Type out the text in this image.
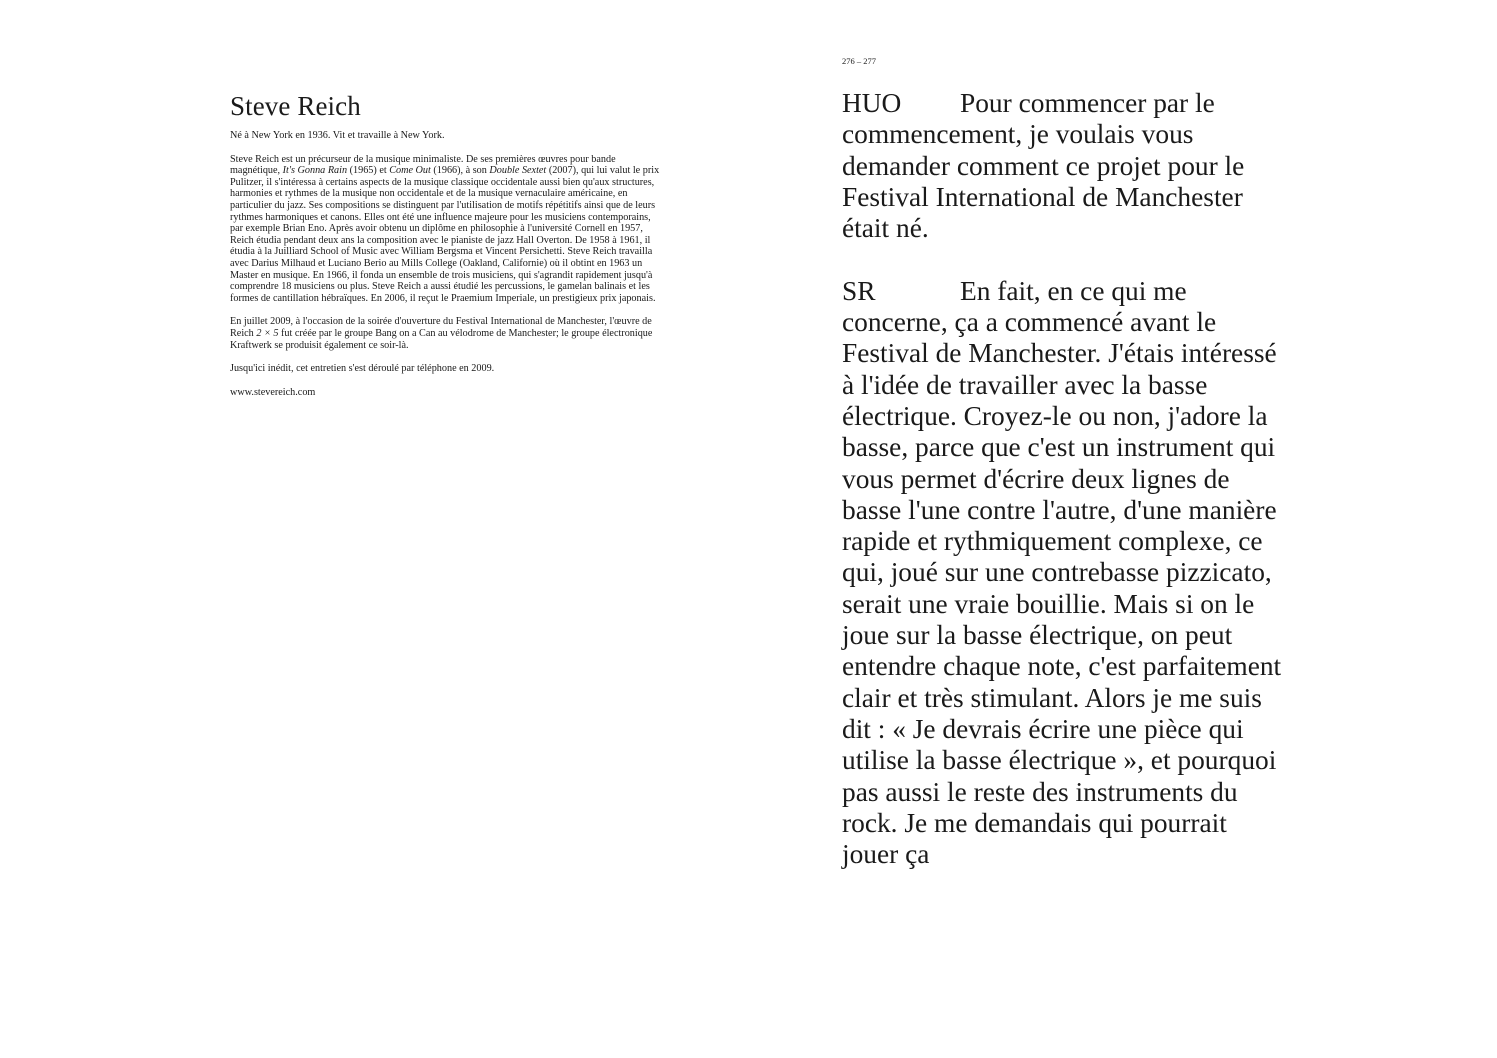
Steve Reich

Né à New York en 1936. Vit et travaille à New York.

Steve Reich est un précurseur de la musique minimaliste. De ses premières œuvres pour bande magnétique, It's Gonna Rain (1965) et Come Out (1966), à son Double Sextet (2007), qui lui valut le prix Pulitzer, il s'intéressa à certains aspects de la musique classique occidentale aussi bien qu'aux structures, harmonies et rythmes de la musique non occidentale et de la musique vernaculaire américaine, en particulier du jazz. Ses compositions se distinguent par l'utilisation de motifs répétitifs ainsi que de leurs rythmes harmoniques et canons. Elles ont été une influence majeure pour les musiciens contemporains, par exemple Brian Eno. Après avoir obtenu un diplôme en philosophie à l'université Cornell en 1957, Reich étudia pendant deux ans la composition avec le pianiste de jazz Hall Overton. De 1958 à 1961, il étudia à la Juilliard School of Music avec William Bergsma et Vincent Persichetti. Steve Reich travailla avec Darius Milhaud et Luciano Berio au Mills College (Oakland, Californie) où il obtint en 1963 un Master en musique. En 1966, il fonda un ensemble de trois musiciens, qui s'agrandit rapidement jusqu'à comprendre 18 musiciens ou plus. Steve Reich a aussi étudié les percussions, le gamelan balinais et les formes de cantillation hébraïques. En 2006, il reçut le Praemium Imperiale, un prestigieux prix japonais.

En juillet 2009, à l'occasion de la soirée d'ouverture du Festival International de Manchester, l'œuvre de Reich 2 × 5 fut créée par le groupe Bang on a Can au vélodrome de Manchester; le groupe électronique Kraftwerk se produisit également ce soir-là.

Jusqu'ici inédit, cet entretien s'est déroulé par téléphone en 2009.

www.stevereich.com

276 – 277

HUO Pour commencer par le commencement, je voulais vous demander comment ce projet pour le Festival International de Manchester était né.

SR	En fait, en ce qui me concerne, ça a commencé avant le Festival de Manchester. J'étais intéressé à l'idée de travailler avec la basse électrique. Croyez-le ou non, j'adore la basse, parce que c'est un instrument qui vous permet d'écrire deux lignes de basse l'une contre l'autre, d'une manière rapide et rythmiquement complexe, ce qui, joué sur une contrebasse pizzicato, serait une vraie bouillie. Mais si on le joue sur la basse électrique, on peut entendre chaque note, c'est parfaitement clair et très stimulant. Alors je me suis dit : « Je devrais écrire une pièce qui utilise la basse électrique », et pourquoi pas aussi le reste des instruments du rock. Je me demandais qui pourrait jouer ça
